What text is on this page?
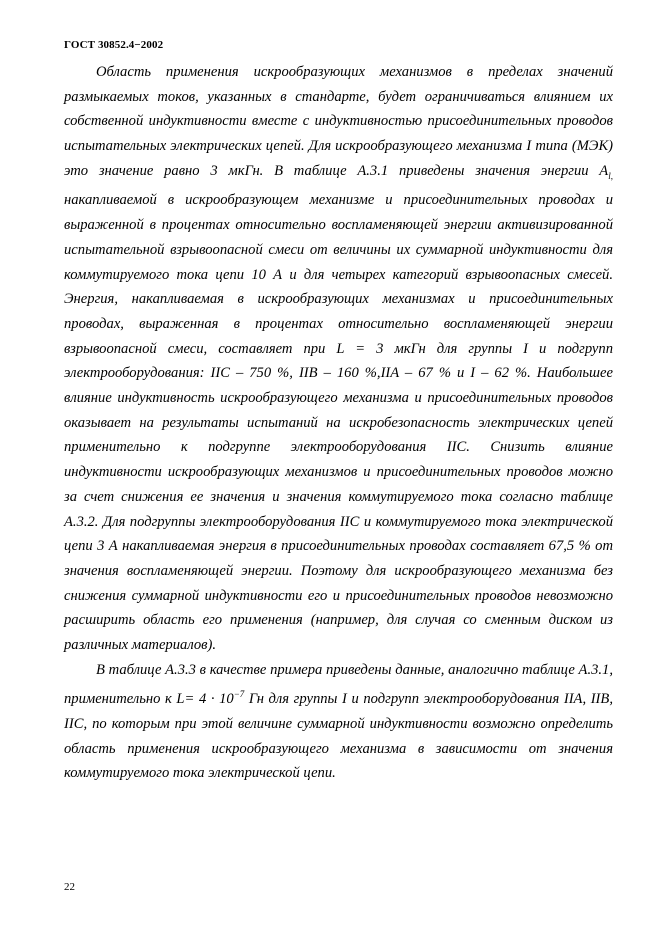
ГОСТ 30852.4−2002

Область применения искрообразующих механизмов в пределах значений размыкаемых токов, указанных в стандарте, будет ограничиваться влиянием их собственной индуктивности вместе с индуктивностью присоединительных проводов испытательных электрических цепей. Для искрообразующего механизма I типа (МЭК) это значение равно 3 мкГн. В таблице А.3.1 приведены значения энергии $A_{l,}$ накапливаемой в искрообразующем механизме и присоединительных проводах и выраженной в процентах относительно воспламеняющей энергии активизированной испытательной взрывоопасной смеси от величины их суммарной индуктивности для коммутируемого тока цепи 10 А и для четырех категорий взрывоопасных смесей. Энергия, накапливаемая в искрообразующих механизмах и присоединительных проводах, выраженная в процентах относительно воспламеняющей энергии взрывоопасной смеси, составляет при L = 3 мкГн для группы I и подгрупп электрооборудования: IIC – 750 %, IIB – 160 %,IIA – 67 % и I – 62 %. Наибольшее влияние индуктивность искрообразующего механизма и присоединительных проводов оказывает на результаты испытаний на искробезопасность электрических цепей применительно к подгруппе электрооборудования IIC. Снизить влияние индуктивности искрообразующих механизмов и присоединительных проводов можно за счет снижения ее значения и значения коммутируемого тока согласно таблице А.3.2. Для подгруппы электрооборудования IIC и коммутируемого тока электрической цепи 3 А накапливаемая энергия в присоединительных проводах составляет 67,5 % от значения воспламеняющей энергии. Поэтому для искрообразующего механизма без снижения суммарной индуктивности его и присоединительных проводов невозможно расширить область его применения (например, для случая со сменным диском из различных материалов).

В таблице А.3.3 в качестве примера приведены данные, аналогично таблице А.3.1, применительно к $L= 4 \cdot 10^{-7}$ Гн для группы I и подгрупп электрооборудования IIA, IIB, IIC, по которым при этой величине суммарной индуктивности возможно определить область применения искрообразующего механизма в зависимости от значения коммутируемого тока электрической цепи.

22
